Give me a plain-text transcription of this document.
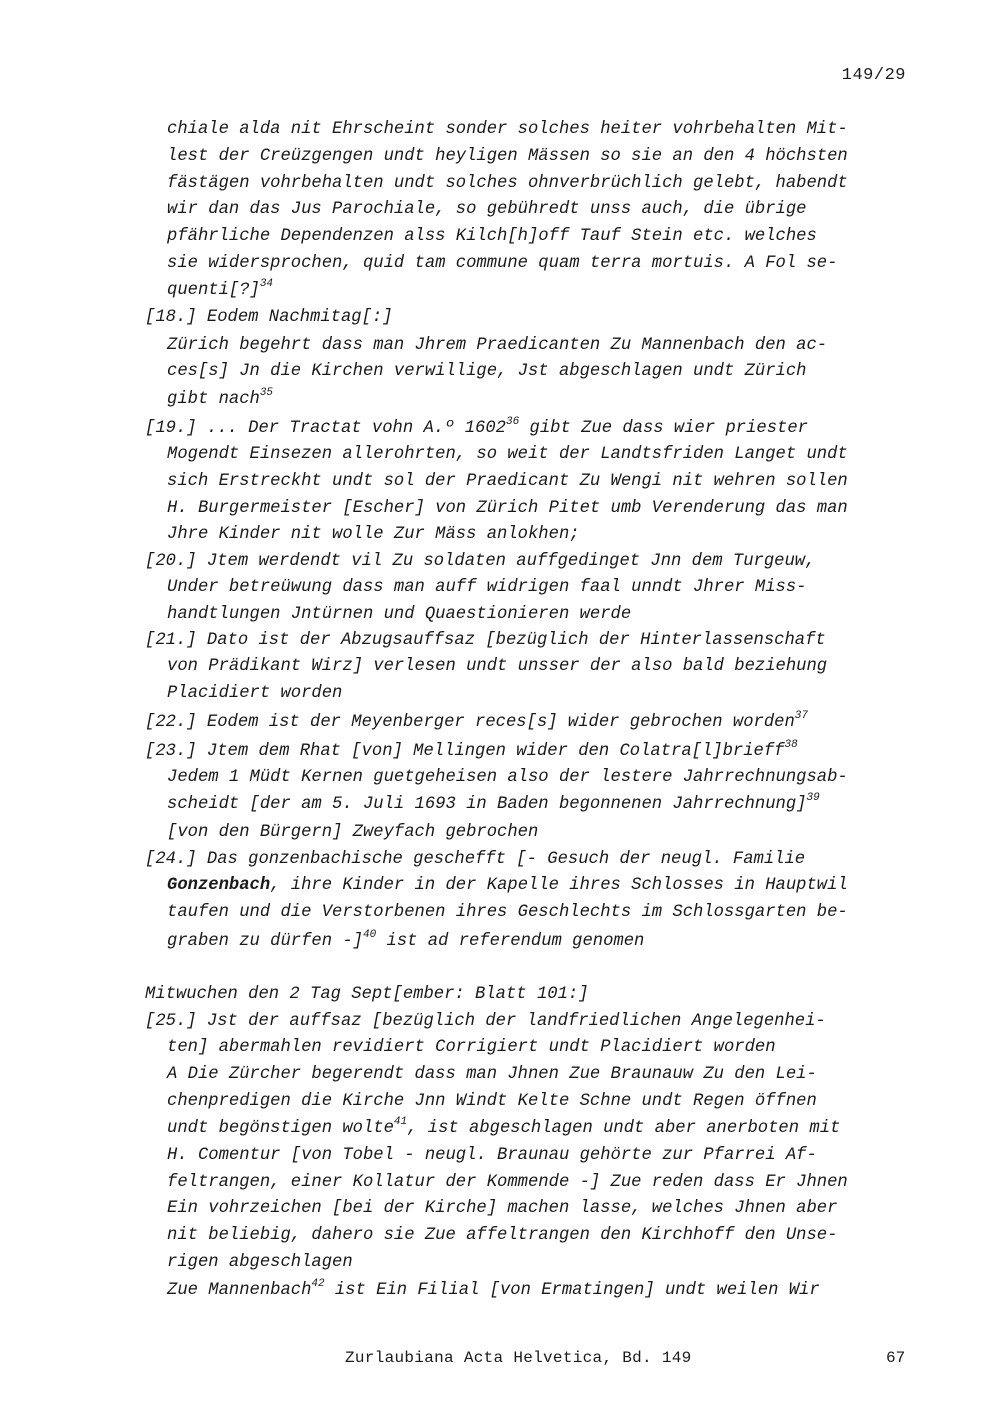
149/29
chiale alda nit Ehrscheint sonder solches heiter vohrbehalten Mit-
lest der Creüzgengen undt heyligen Mässen so sie an den 4 höchsten
fästägen vohrbehalten undt solches ohnverbrüchlich gelebt, habendt
wir dan das Jus Parochiale, so gebühredt unss auch, die übrige
pfährliche Dependenzen alss Kilch[h]off Tauf Stein etc. welches
sie widersprochen, quid tam commune quam terra mortuis. A Fol se-
quenti[?]$^{34}$
[18.] Eodem Nachmitag[:]
Zürich begehrt dass man Jhrem Praedicanten Zu Mannenbach den ac-
ces[s] Jn die Kirchen verwillige, Jst abgeschlagen undt Zürich
gibt nach$^{35}$
[19.] ... Der Tractat vohn A.º 1602$^{36}$ gibt Zue dass wier priester
Mogendt Einsezen allerohrten, so weit der Landtsfriden Langet undt
sich Erstreckht undt sol der Praedicant Zu Wengi nit wehren sollen
H. Burgermeister [Escher] von Zürich Pitet umb Verenderung das man
Jhre Kinder nit wolle Zur Mäss anlokhen;
[20.] Jtem werdendt vil Zu soldaten auffgedinget Jnn dem Turgeuw,
Under betreüwung dass man auff widrigen faal unndt Jhrer Miss-
handtlungen Jntürnen und Quaestionieren werde
[21.] Dato ist der Abzugsauffsaz [bezüglich der Hinterlassenschaft
von Prädikant Wirz] verlesen undt unsser der also bald beziehung
Placidiert worden
[22.] Eodem ist der Meyenberger reces[s] wider gebrochen worden$^{37}$
[23.] Jtem dem Rhat [von] Mellingen wider den Colatra[l]brieff$^{38}$
Jedem 1 Müdt Kernen guetgeheisen also der lestere Jahrrechnungsab-
scheidt [der am 5. Juli 1693 in Baden begonnenen Jahrrechnung]$^{39}$
[von den Bürgern] Zweyfach gebrochen
[24.] Das gonzenbachische geschefft [- Gesuch der neugl. Familie
Gonzenbach, ihre Kinder in der Kapelle ihres Schlosses in Hauptwil
taufen und die Verstorbenen ihres Geschlechts im Schlossgarten be-
graben zu dürfen -]$^{40}$ ist ad referendum genomen
Mitwuchen den 2 Tag Sept[ember: Blatt 101:]
[25.] Jst der auffsaz [bezüglich der landfriedlichen Angelegenhei-
ten] abermahlen revidiert Corrigiert undt Placidiert worden
A Die Zürcher begerendt dass man Jhnen Zue Braunauw Zu den Lei-
chenpredigen die Kirche Jnn Windt Kelte Schne undt Regen öffnen
undt begönstigen wolte$^{41}$, ist abgeschlagen undt aber anerboten mit
H. Comentur [von Tobel - neugl. Braunau gehörte zur Pfarrei Af-
feltrangen, einer Kollatur der Kommende -] Zue reden dass Er Jhnen
Ein vohrzeichen [bei der Kirche] machen lasse, welches Jhnen aber
nit beliebig, dahero sie Zue affeltrangen den Kirchhoff den Unse-
rigen abgeschlagen
Zue Mannenbach$^{42}$ ist Ein Filial [von Ermatingen] undt weilen Wir
Zurlaubiana Acta Helvetica, Bd. 149	67
